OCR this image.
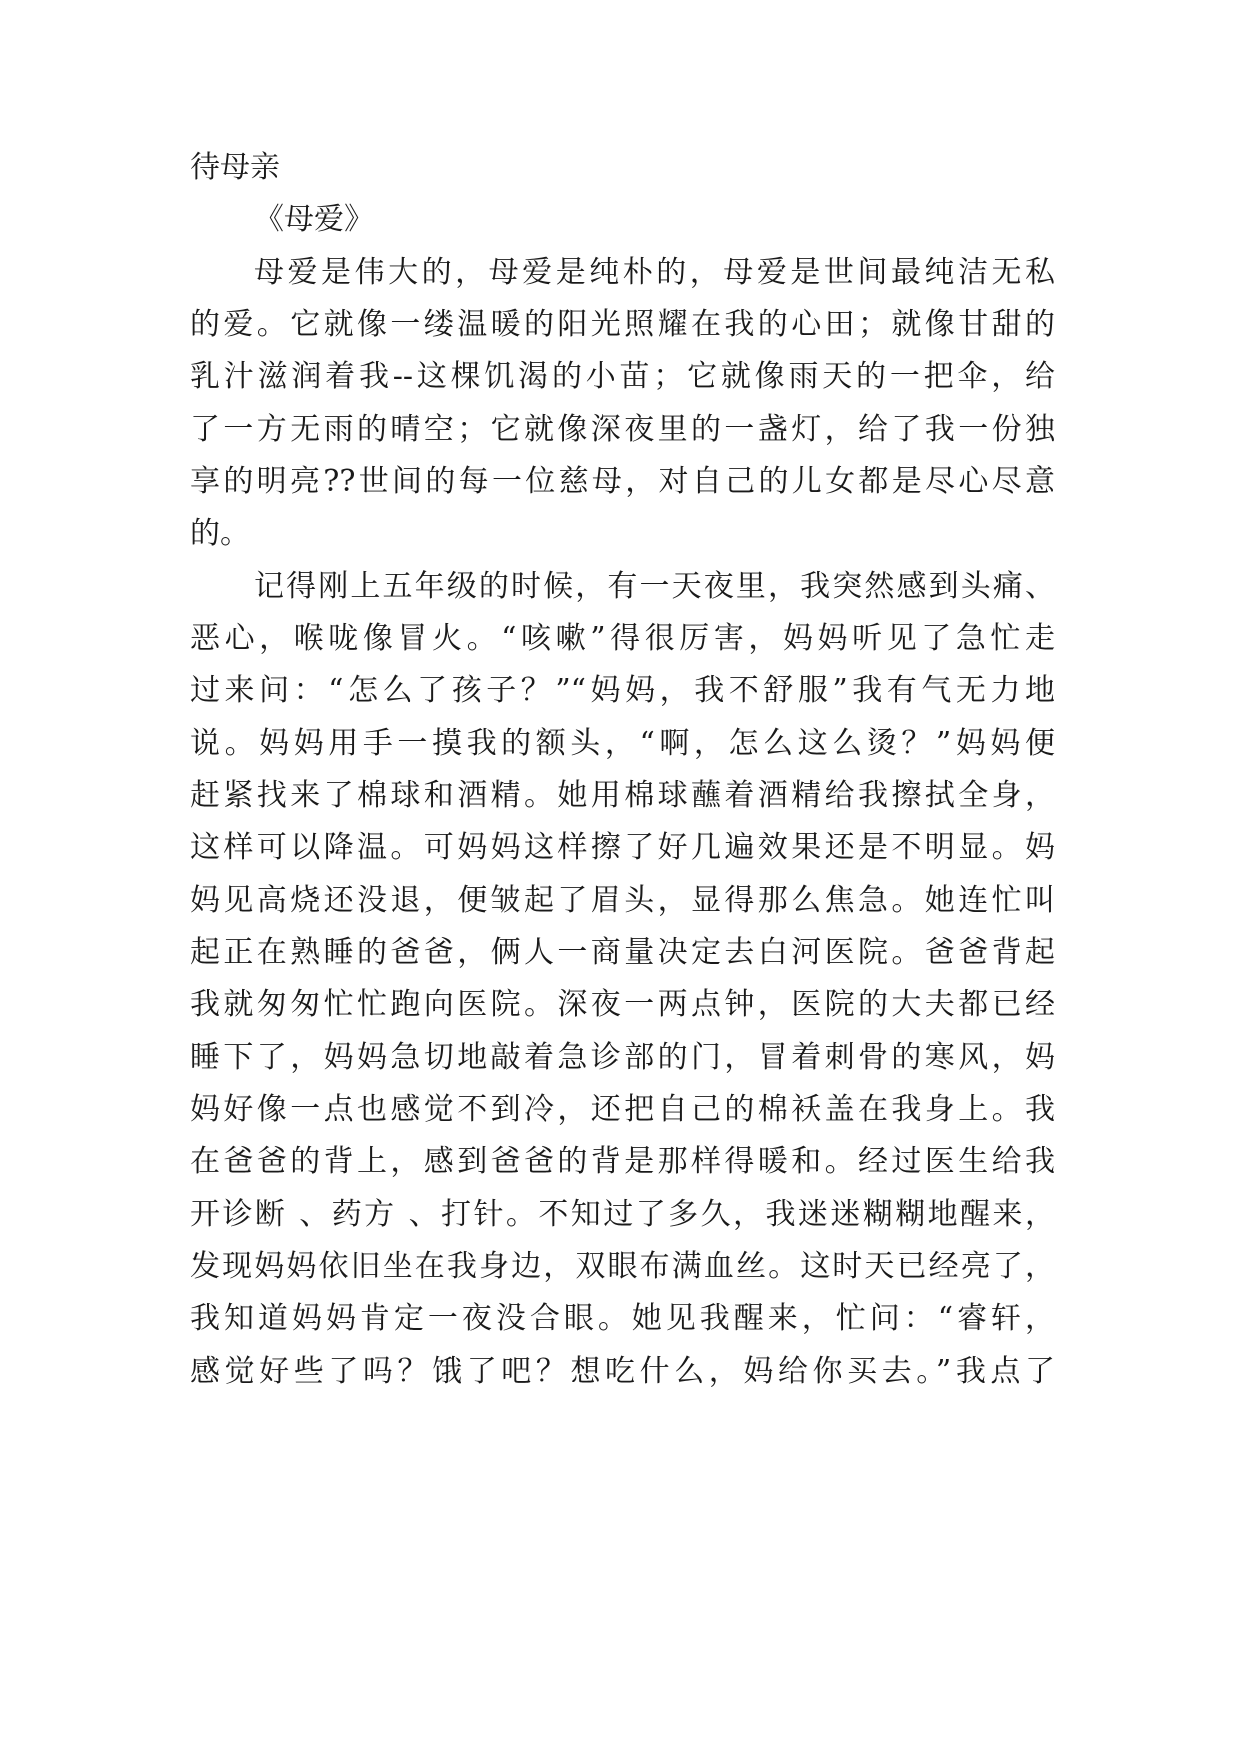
待母亲
《母爱》
母爱是伟大的，母爱是纯朴的，母爱是世间最纯洁无私
的爱。它就像一缕温暖的阳光照耀在我的心田；就像甘甜的
乳汁滋润着我--这棵饥渴的小苗；它就像雨天的一把伞，给
了一方无雨的晴空；它就像深夜里的一盏灯，给了我一份独
享的明亮??世间的每一位慈母，对自己的儿女都是尽心尽意
的。
记得刚上五年级的时候，有一天夜里，我突然感到头痛、
恶心，喉咙像冒火。“咳嗽”得很厉害，妈妈听见了急忙走
过来问：“怎么了孩子？”“妈妈，我不舒服”我有气无力地
说。妈妈用手一摸我的额头，“啊，怎么这么烫？”妈妈便
赶紧找来了棉球和酒精。她用棉球蘸着酒精给我擦拭全身，
这样可以降温。可妈妈这样擦了好几遍效果还是不明显。妈
妈见高烧还没退，便皱起了眉头，显得那么焦急。她连忙叫
起正在熟睡的爸爸，俩人一商量决定去白河医院。爸爸背起
我就匆匆忙忙跑向医院。深夜一两点钟，医院的大夫都已经
睡下了，妈妈急切地敲着急诊部的门，冒着刺骨的寒风，妈
妈好像一点也感觉不到冷，还把自己的棉袄盖在我身上。我
在爸爸的背上，感到爸爸的背是那样得暖和。经过医生给我
开诊断 、药方 、打针。不知过了多久，我迷迷糊糊地醒来，
发现妈妈依旧坐在我身边，双眼布满血丝。这时天已经亮了，
我知道妈妈肯定一夜没合眼。她见我醒来，忙问：“睿轩，
感觉好些了吗？饿了吧？想吃什么，妈给你买去。”我点了
